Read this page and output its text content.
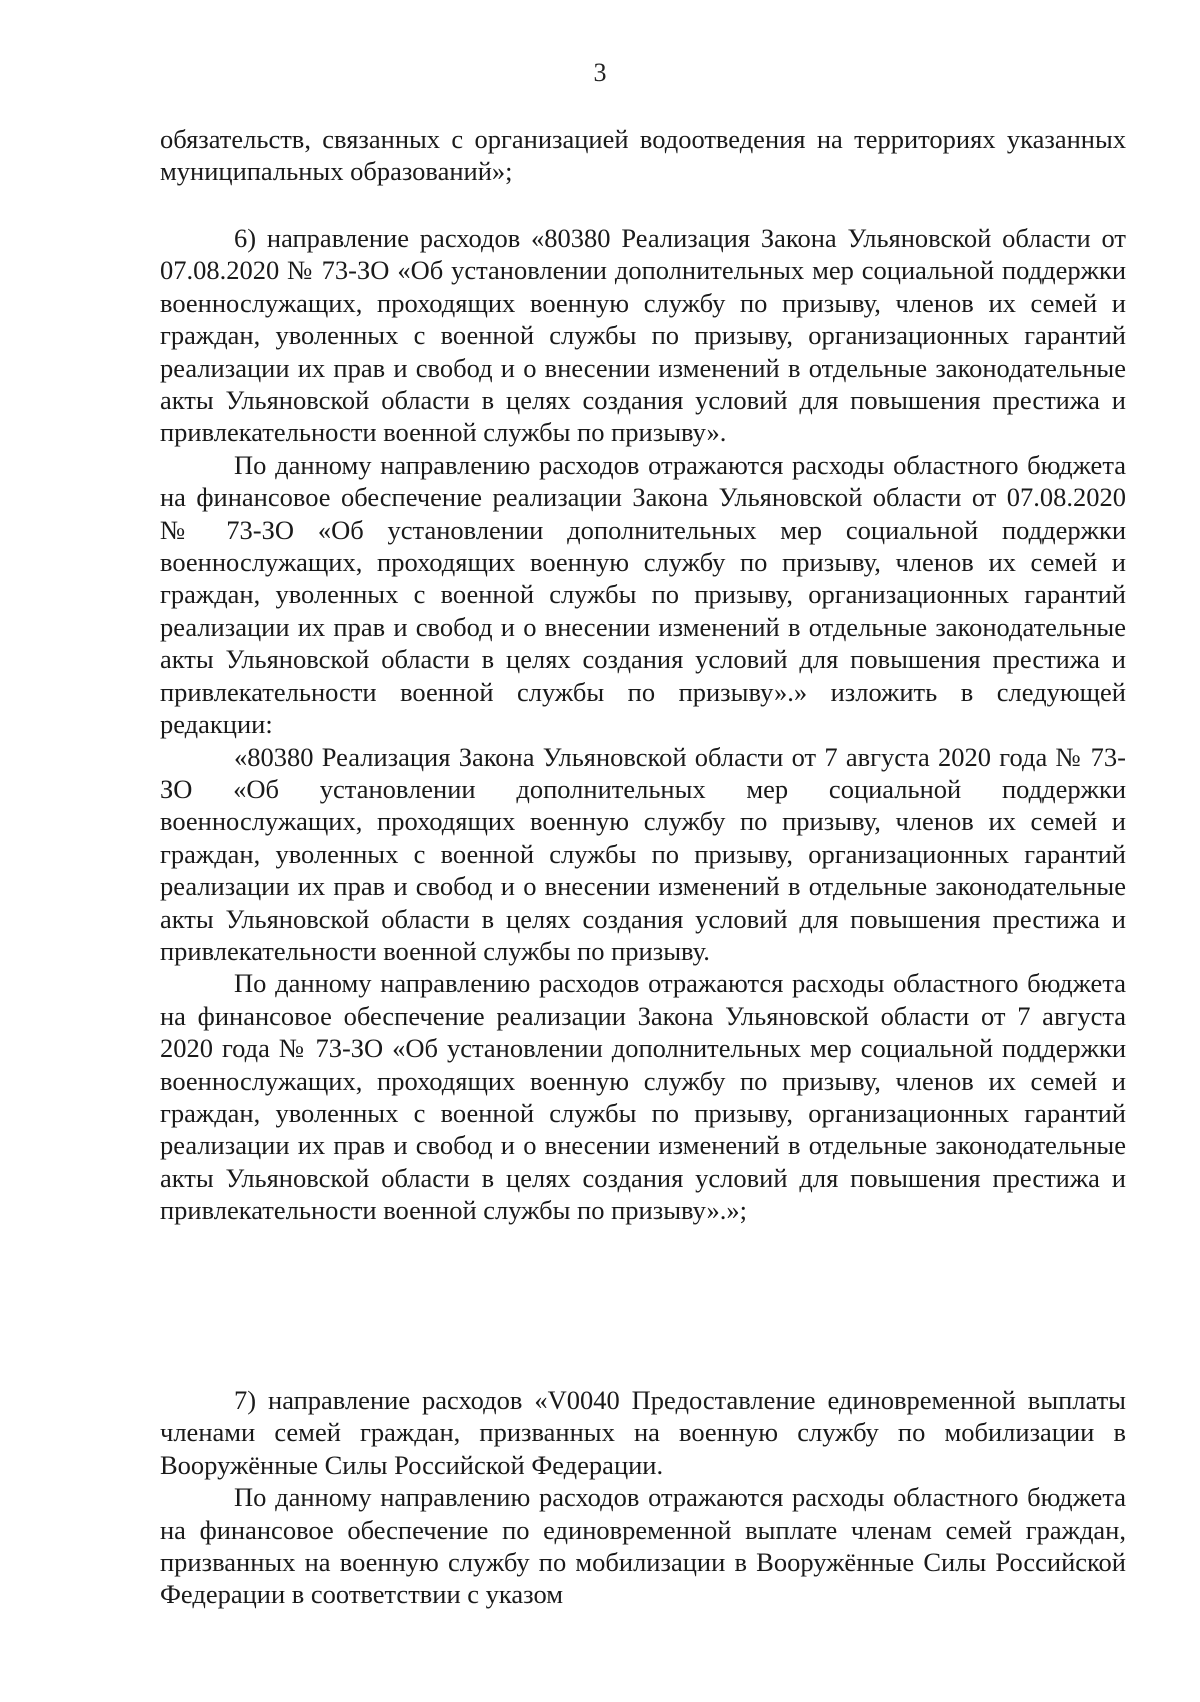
3

обязательств, связанных с организацией водоотведения на территориях указанных муниципальных образований»;

6) направление расходов «80380 Реализация Закона Ульяновской области от 07.08.2020 № 73-ЗО «Об установлении дополнительных мер социальной поддержки военнослужащих, проходящих военную службу по призыву, членов их семей и граждан, уволенных с военной службы по призыву, организационных гарантий реализации их прав и свобод и о внесении изменений в отдельные законодательные акты Ульяновской области в целях создания условий для повышения престижа и привлекательности военной службы по призыву».

По данному направлению расходов отражаются расходы областного бюджета на финансовое обеспечение реализации Закона Ульяновской области от 07.08.2020 № 73-ЗО «Об установлении дополнительных мер социальной поддержки военнослужащих, проходящих военную службу по призыву, членов их семей и граждан, уволенных с военной службы по призыву, организационных гарантий реализации их прав и свобод и о внесении изменений в отдельные законодательные акты Ульяновской области в целях создания условий для повышения престижа и привлекательности военной службы по призыву».» изложить в следующей редакции:

«80380 Реализация Закона Ульяновской области от 7 августа 2020 года № 73-ЗО «Об установлении дополнительных мер социальной поддержки военнослужащих, проходящих военную службу по призыву, членов их семей и граждан, уволенных с военной службы по призыву, организационных гарантий реализации их прав и свобод и о внесении изменений в отдельные законодательные акты Ульяновской области в целях создания условий для повышения престижа и привлекательности военной службы по призыву.

По данному направлению расходов отражаются расходы областного бюджета на финансовое обеспечение реализации Закона Ульяновской области от 7 августа 2020 года № 73-ЗО «Об установлении дополнительных мер социальной поддержки военнослужащих, проходящих военную службу по призыву, членов их семей и граждан, уволенных с военной службы по призыву, организационных гарантий реализации их прав и свобод и о внесении изменений в отдельные законодательные акты Ульяновской области в целях создания условий для повышения престижа и привлекательности военной службы по призыву».»;

7) направление расходов «V0040 Предоставление единовременной выплаты членами семей граждан, призванных на военную службу по мобилизации в Вооружённые Силы Российской Федерации.

По данному направлению расходов отражаются расходы областного бюджета на финансовое обеспечение по единовременной выплате членам семей граждан, призванных на военную службу по мобилизации в Вооружённые Силы Российской Федерации в соответствии с указом
